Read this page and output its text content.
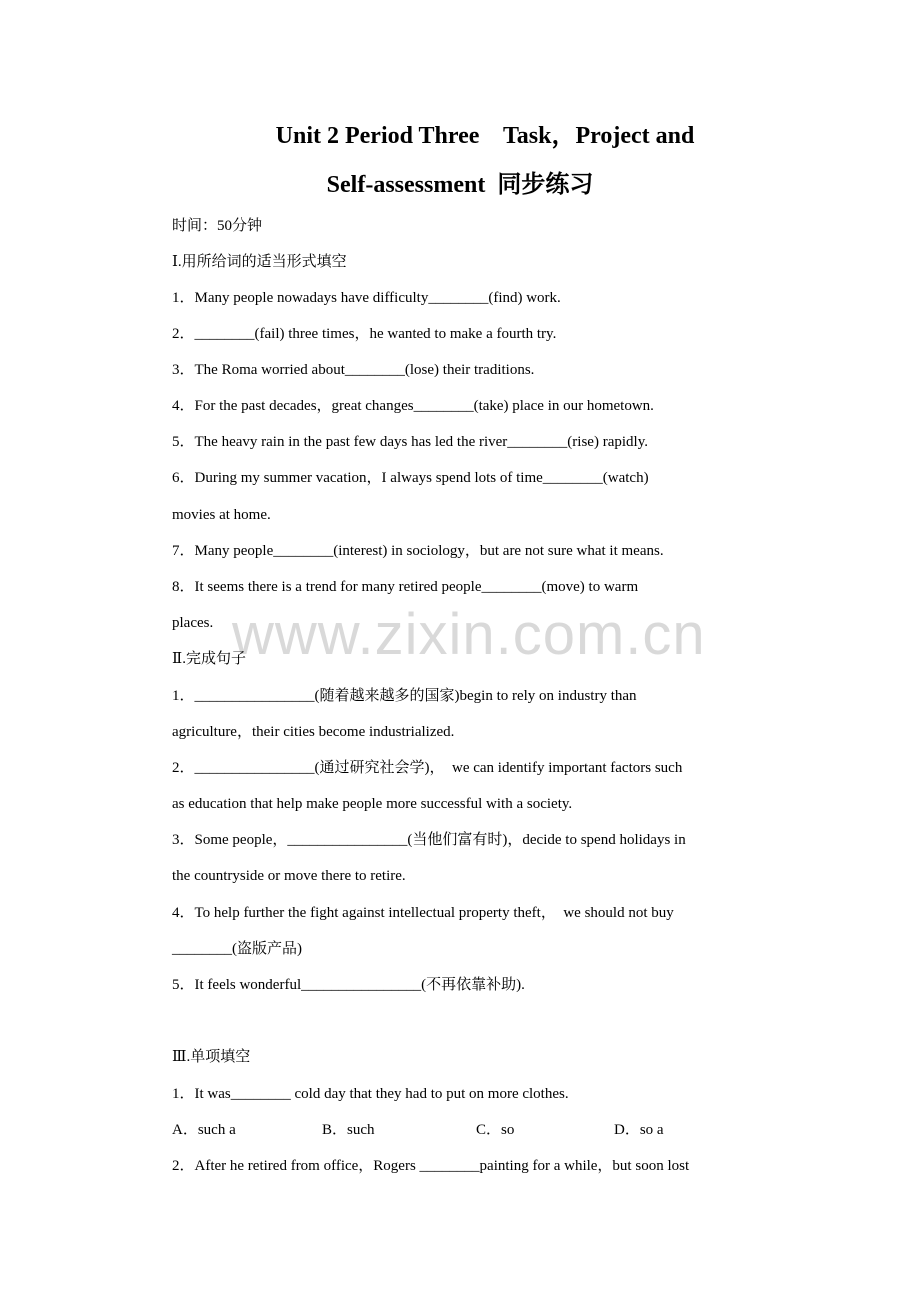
Unit 2 Period Three    Task，Project and
Self-assessment  同步练习
时间：50分钟
Ⅰ.用所给词的适当形式填空
1．Many people nowadays have difficulty________(find) work.
2．________(fail) three times，he wanted to make a fourth try.
3．The Roma worried about________(lose) their traditions.
4．For the past decades，great changes________(take) place in our hometown.
5．The heavy rain in the past few days has led the river________(rise) rapidly.
6．During my summer vacation，I always spend lots of time________(watch)
movies at home.
7．Many people________(interest) in sociology，but are not sure what it means.
8．It seems there is a trend for many retired people________(move) to warm
places. www.zixin.com.cn
Ⅱ.完成句子
1．________________(随着越来越多的国家)begin to rely on industry than
agriculture，their cities become industrialized.
2．________________(通过研究社会学)，  we can identify important factors such
as education that help make people more successful with a society.
3．Some people，________________(当他们富有时)，decide to spend holidays in
the countryside or move there to retire.
4．To help further the fight against intellectual property theft，  we should not buy
________(盗版产品)
5．It feels wonderful________________(不再依靠补助).
Ⅲ.单项填空
1．It was________ cold day that they had to put on more clothes.
A．such a	B．such	C．so	D．so a
2．After he retired from office，Rogers ________painting for a while，but soon lost
